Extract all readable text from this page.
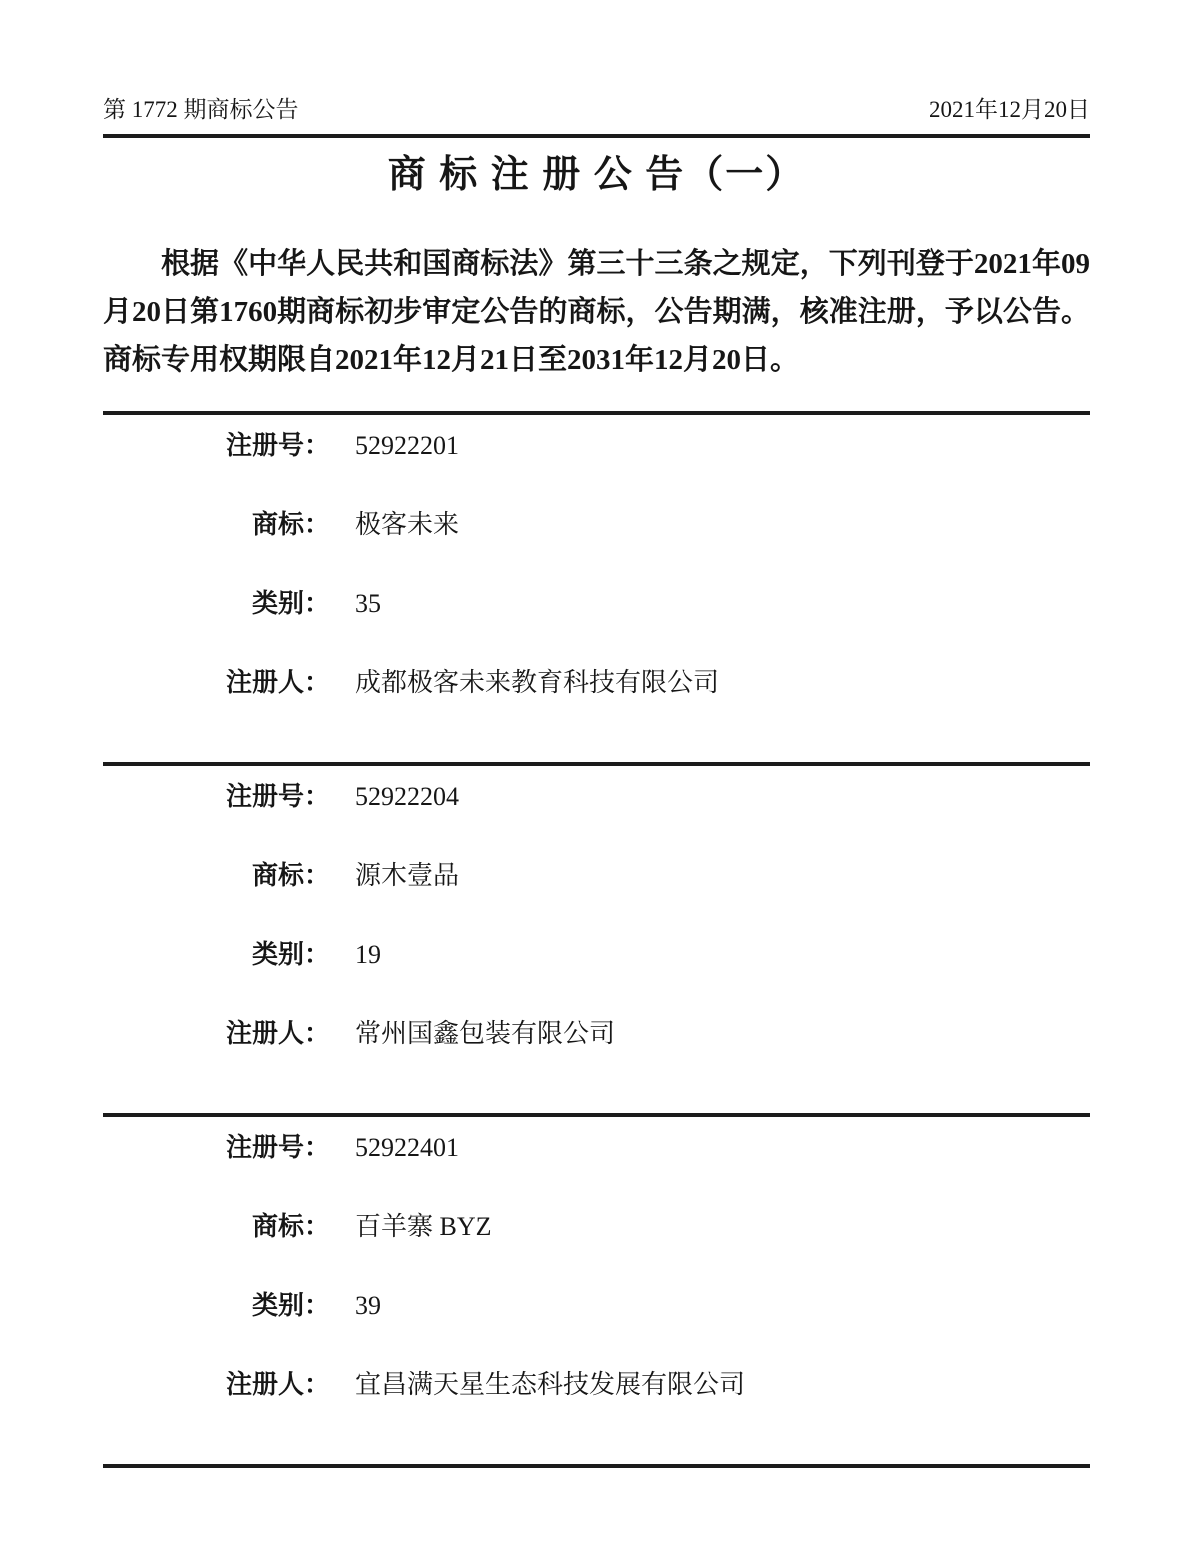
第 1772 期商标公告	2021年12月20日
商 标 注 册 公 告（一）

根据《中华人民共和国商标法》第三十三条之规定，下列刊登于2021年09月20日第1760期商标初步审定公告的商标，公告期满，核准注册，予以公告。商标专用权期限自2021年12月21日至2031年12月20日。

注册号： 52922201
商标： 极客未来
类别： 35
注册人： 成都极客未来教育科技有限公司
注册号： 52922204
商标： 源木壹品
类别： 19
注册人： 常州国鑫包装有限公司
注册号： 52922401
商标： 百羊寨 BYZ
类别： 39
注册人： 宜昌满天星生态科技发展有限公司
